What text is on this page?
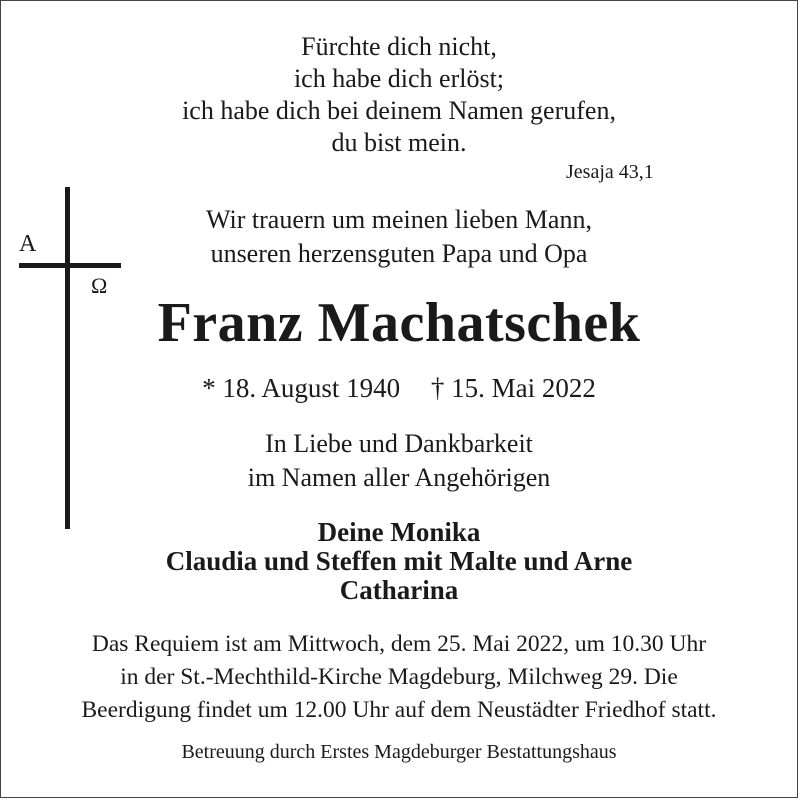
Fürchte dich nicht,
ich habe dich erlöst;
ich habe dich bei deinem Namen gerufen,
du bist mein.
Jesaja 43,1
A
Ω
Wir trauern um meinen lieben Mann,
unseren herzensguten Papa und Opa
Franz Machatschek
* 18. August 1940 † 15. Mai 2022
In Liebe und Dankbarkeit
im Namen aller Angehörigen
Deine Monika
Claudia und Steffen mit Malte und Arne
Catharina
Das Requiem ist am Mittwoch, dem 25. Mai 2022, um 10.30 Uhr
in der St.-Mechthild-Kirche Magdeburg, Milchweg 29. Die
Beerdigung findet um 12.00 Uhr auf dem Neustädter Friedhof statt.
Betreuung durch Erstes Magdeburger Bestattungshaus
